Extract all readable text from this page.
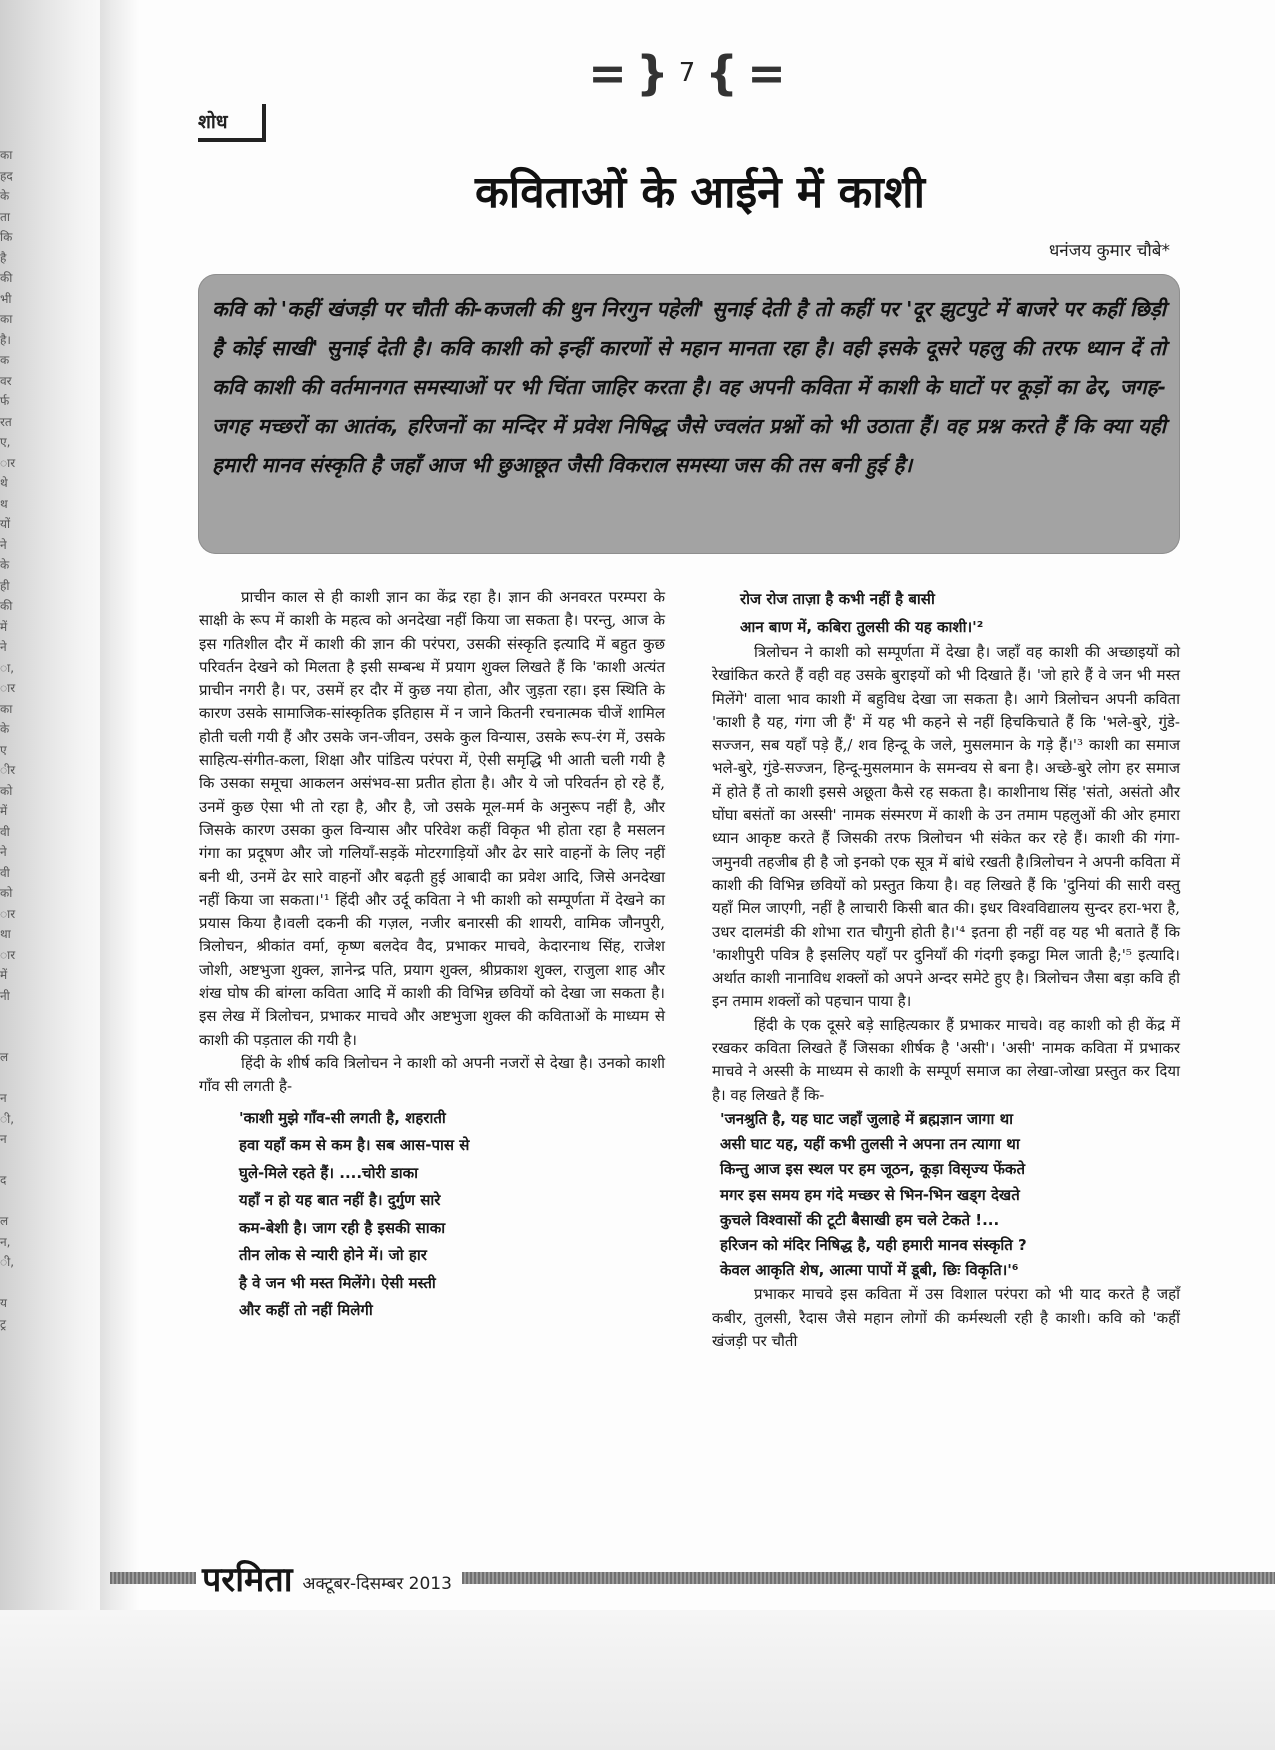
का
हद
के
ता
कि
है
की
भी
का
है।
क
वर
र्फ
रत
ए,
ार
थे
थ
यों
ने
के
ही
की
में
ने
ा,
ार
का
के
ए
ीर
को
में
वी
ने
वी
को
ार
था
ार
में
नी

ल

न
ी,
न

द

ल
न,
ी,

य
ट्र
= } 7 { =
शोध
कविताओं के आईने में काशी
धनंजय कुमार चौबे*

कवि को 'कहीं खंजड़ी पर चौती की-कजली की धुन निरगुन पहेली' सुनाई देती है तो कहीं पर 'दूर झुटपुटे में बाजरे पर कहीं छिड़ी है कोई साखी' सुनाई देती है। कवि काशी को इन्हीं कारणों से महान मानता रहा है। वही इसके दूसरे पहलु की तरफ ध्यान दें तो कवि काशी की वर्तमानगत समस्याओं पर भी चिंता जाहिर करता है। वह अपनी कविता में काशी के घाटों पर कूड़ों का ढेर, जगह-जगह मच्छरों का आतंक, हरिजनों का मन्दिर में प्रवेश निषिद्ध जैसे ज्वलंत प्रश्नों को भी उठाता हैं। वह प्रश्न करते हैं कि क्या यही हमारी मानव संस्कृति है जहाँ आज भी छुआछूत जैसी विकराल समस्या जस की तस बनी हुई है।

प्राचीन काल से ही काशी ज्ञान का केंद्र रहा है। ज्ञान की अनवरत परम्परा के साक्षी के रूप में काशी के महत्व को अनदेखा नहीं किया जा सकता है। परन्तु, आज के इस गतिशील दौर में काशी की ज्ञान की परंपरा, उसकी संस्कृति इत्यादि में बहुत कुछ परिवर्तन देखने को मिलता है इसी सम्बन्ध में प्रयाग शुक्ल लिखते हैं कि 'काशी अत्यंत प्राचीन नगरी है। पर, उसमें हर दौर में कुछ नया होता, और जुड़ता रहा। इस स्थिति के कारण उसके सामाजिक-सांस्कृतिक इतिहास में न जाने कितनी रचनात्मक चीजें शामिल होती चली गयी हैं और उसके जन-जीवन, उसके कुल विन्यास, उसके रूप-रंग में, उसके साहित्य-संगीत-कला, शिक्षा और पांडित्य परंपरा में, ऐसी समृद्धि भी आती चली गयी है कि उसका समूचा आकलन असंभव-सा प्रतीत होता है। और ये जो परिवर्तन हो रहे हैं, उनमें कुछ ऐसा भी तो रहा है, और है, जो उसके मूल-मर्म के अनुरूप नहीं है, और जिसके कारण उसका कुल विन्यास और परिवेश कहीं विकृत भी होता रहा है मसलन गंगा का प्रदूषण और जो गलियाँ-सड़कें मोटरगाड़ियों और ढेर सारे वाहनों के लिए नहीं बनी थी, उनमें ढेर सारे वाहनों और बढ़ती हुई आबादी का प्रवेश आदि, जिसे अनदेखा नहीं किया जा सकता।'¹ हिंदी और उर्दू कविता ने भी काशी को सम्पूर्णता में देखने का प्रयास किया है।वली दकनी की गज़ल, नजीर बनारसी की शायरी, वामिक जौनपुरी, त्रिलोचन, श्रीकांत वर्मा, कृष्ण बलदेव वैद, प्रभाकर माचवे, केदारनाथ सिंह, राजेश जोशी, अष्टभुजा शुक्ल, ज्ञानेन्द्र पति, प्रयाग शुक्ल, श्रीप्रकाश शुक्ल, राजुला शाह और शंख घोष की बांग्ला कविता आदि में काशी की विभिन्न छवियों को देखा जा सकता है। इस लेख में त्रिलोचन, प्रभाकर माचवे और अष्टभुजा शुक्ल की कविताओं के माध्यम से काशी की पड़ताल की गयी है।

हिंदी के शीर्ष कवि त्रिलोचन ने काशी को अपनी नजरों से देखा है। उनको काशी गाँव सी लगती है-

'काशी मुझे गाँव-सी लगती है, शहराती
हवा यहाँ कम से कम है। सब आस-पास से
घुले-मिले रहते हैं। ....चोरी डाका
यहाँ न हो यह बात नहीं है। दुर्गुण सारे
कम-बेशी है। जाग रही है इसकी साका
तीन लोक से न्यारी होने में। जो हार
है वे जन भी मस्त मिलेंगे। ऐसी मस्ती
और कहीं तो नहीं मिलेगी
रोज रोज ताज़ा है कभी नहीं है बासी
आन बाण में, कबिरा तुलसी की यह काशी।'²

त्रिलोचन ने काशी को सम्पूर्णता में देखा है। जहाँ वह काशी की अच्छाइयों को रेखांकित करते हैं वही वह उसके बुराइयों को भी दिखाते हैं। 'जो हारे हैं वे जन भी मस्त मिलेंगे' वाला भाव काशी में बहुविध देखा जा सकता है। आगे त्रिलोचन अपनी कविता 'काशी है यह, गंगा जी हैं' में यह भी कहने से नहीं हिचकिचाते हैं कि 'भले-बुरे, गुंडे-सज्जन, सब यहाँ पड़े हैं,/ शव हिन्दू के जले, मुसलमान के गड़े हैं।'³ काशी का समाज भले-बुरे, गुंडे-सज्जन, हिन्दू-मुसलमान के समन्वय से बना है। अच्छे-बुरे लोग हर समाज में होते हैं तो काशी इससे अछूता कैसे रह सकता है। काशीनाथ सिंह 'संतो, असंतो और घोंघा बसंतों का अस्सी' नामक संस्मरण में काशी के उन तमाम पहलुओं की ओर हमारा ध्यान आकृष्ट करते हैं जिसकी तरफ त्रिलोचन भी संकेत कर रहे हैं। काशी की गंगा-जमुनवी तहजीब ही है जो इनको एक सूत्र में बांधे रखती है।त्रिलोचन ने अपनी कविता में काशी की विभिन्न छवियों को प्रस्तुत किया है। वह लिखते हैं कि 'दुनियां की सारी वस्तु यहाँ मिल जाएगी, नहीं है लाचारी किसी बात की। इधर विश्वविद्यालय सुन्दर हरा-भरा है, उधर दालमंडी की शोभा रात चौगुनी होती है।'⁴ इतना ही नहीं वह यह भी बताते हैं कि 'काशीपुरी पवित्र है इसलिए यहाँ पर दुनियाँ की गंदगी इकट्ठा मिल जाती है;'⁵ इत्यादि। अर्थात काशी नानाविध शक्लों को अपने अन्दर समेटे हुए है। त्रिलोचन जैसा बड़ा कवि ही इन तमाम शक्लों को पहचान पाया है।

हिंदी के एक दूसरे बड़े साहित्यकार हैं प्रभाकर माचवे। वह काशी को ही केंद्र में रखकर कविता लिखते हैं जिसका शीर्षक है 'असी'। 'असी' नामक कविता में प्रभाकर माचवे ने अस्सी के माध्यम से काशी के सम्पूर्ण समाज का लेखा-जोखा प्रस्तुत कर दिया है। वह लिखते हैं कि-

'जनश्रुति है, यह घाट जहाँ जुलाहे में ब्रह्मज्ञान जागा था
असी घाट यह, यहीं कभी तुलसी ने अपना तन त्यागा था
किन्तु आज इस स्थल पर हम जूठन, कूड़ा विसृज्य फेंकते
मगर इस समय हम गंदे मच्छर से भिन-भिन खड्ग देखते
कुचले विश्वासों की टूटी बैसाखी हम चले टेकते !...
हरिजन को मंदिर निषिद्ध है, यही हमारी मानव संस्कृति ?
केवल आकृति शेष, आत्मा पापों में डूबी, छिः विकृति।'⁶

प्रभाकर माचवे इस कविता में उस विशाल परंपरा को भी याद करते है जहाँ कबीर, तुलसी, रैदास जैसे महान लोगों की कर्मस्थली रही है काशी। कवि को 'कहीं खंजड़ी पर चौती

परमिता अक्टूबर-दिसम्बर 2013
